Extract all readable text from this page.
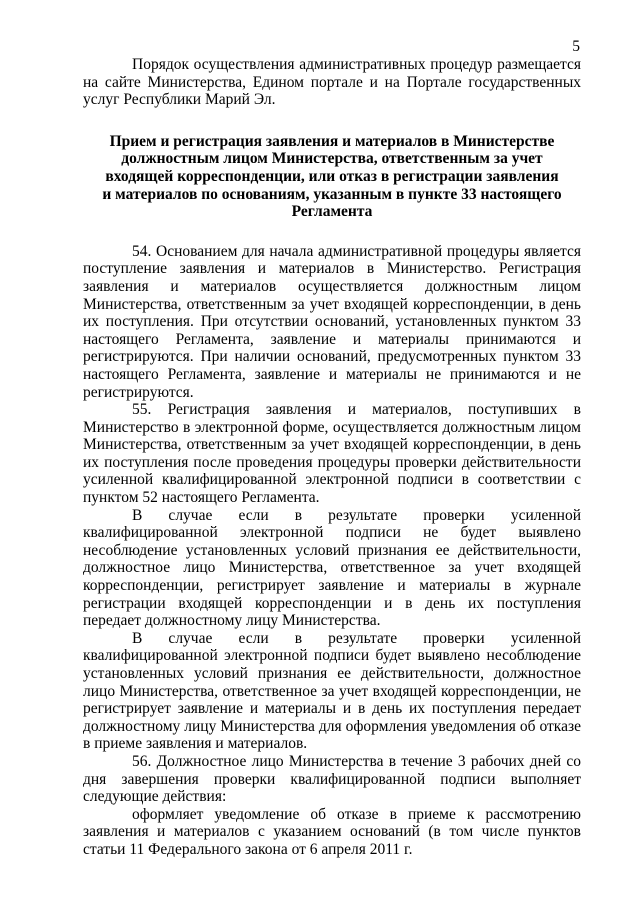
5

Порядок осуществления административных процедур размещается на сайте Министерства, Едином портале и на Портале государственных услуг Республики Марий Эл.

Прием и регистрация заявления и материалов в Министерстве
должностным лицом Министерства, ответственным за учет
входящей корреспонденции, или отказ в регистрации заявления
и материалов по основаниям, указанным в пункте 33 настоящего
Регламента

54. Основанием для начала административной процедуры является поступление заявления и материалов в Министерство. Регистрация заявления и материалов осуществляется должностным лицом Министерства, ответственным за учет входящей корреспонденции, в день их поступления. При отсутствии оснований, установленных пунктом 33 настоящего Регламента, заявление и материалы принимаются и регистрируются. При наличии оснований, предусмотренных пунктом 33 настоящего Регламента, заявление и материалы не принимаются и не регистрируются.

55. Регистрация заявления и материалов, поступивших в Министерство в электронной форме, осуществляется должностным лицом Министерства, ответственным за учет входящей корреспонденции, в день их поступления после проведения процедуры проверки действительности усиленной квалифицированной электронной подписи в соответствии с пунктом 52 настоящего Регламента.

В случае если в результате проверки усиленной квалифицированной электронной подписи не будет выявлено несоблюдение установленных условий признания ее действительности, должностное лицо Министерства, ответственное за учет входящей корреспонденции, регистрирует заявление и материалы в журнале регистрации входящей корреспонденции и в день их поступления передает должностному лицу Министерства.

В случае если в результате проверки усиленной квалифицированной электронной подписи будет выявлено несоблюдение установленных условий признания ее действительности, должностное лицо Министерства, ответственное за учет входящей корреспонденции, не регистрирует заявление и материалы и в день их поступления передает должностному лицу Министерства для оформления уведомления об отказе в приеме заявления и материалов.

56. Должностное лицо Министерства в течение 3 рабочих дней со дня завершения проверки квалифицированной подписи выполняет следующие действия:

оформляет уведомление об отказе в приеме к рассмотрению заявления и материалов с указанием оснований (в том числе пунктов статьи 11 Федерального закона от 6 апреля 2011 г.
